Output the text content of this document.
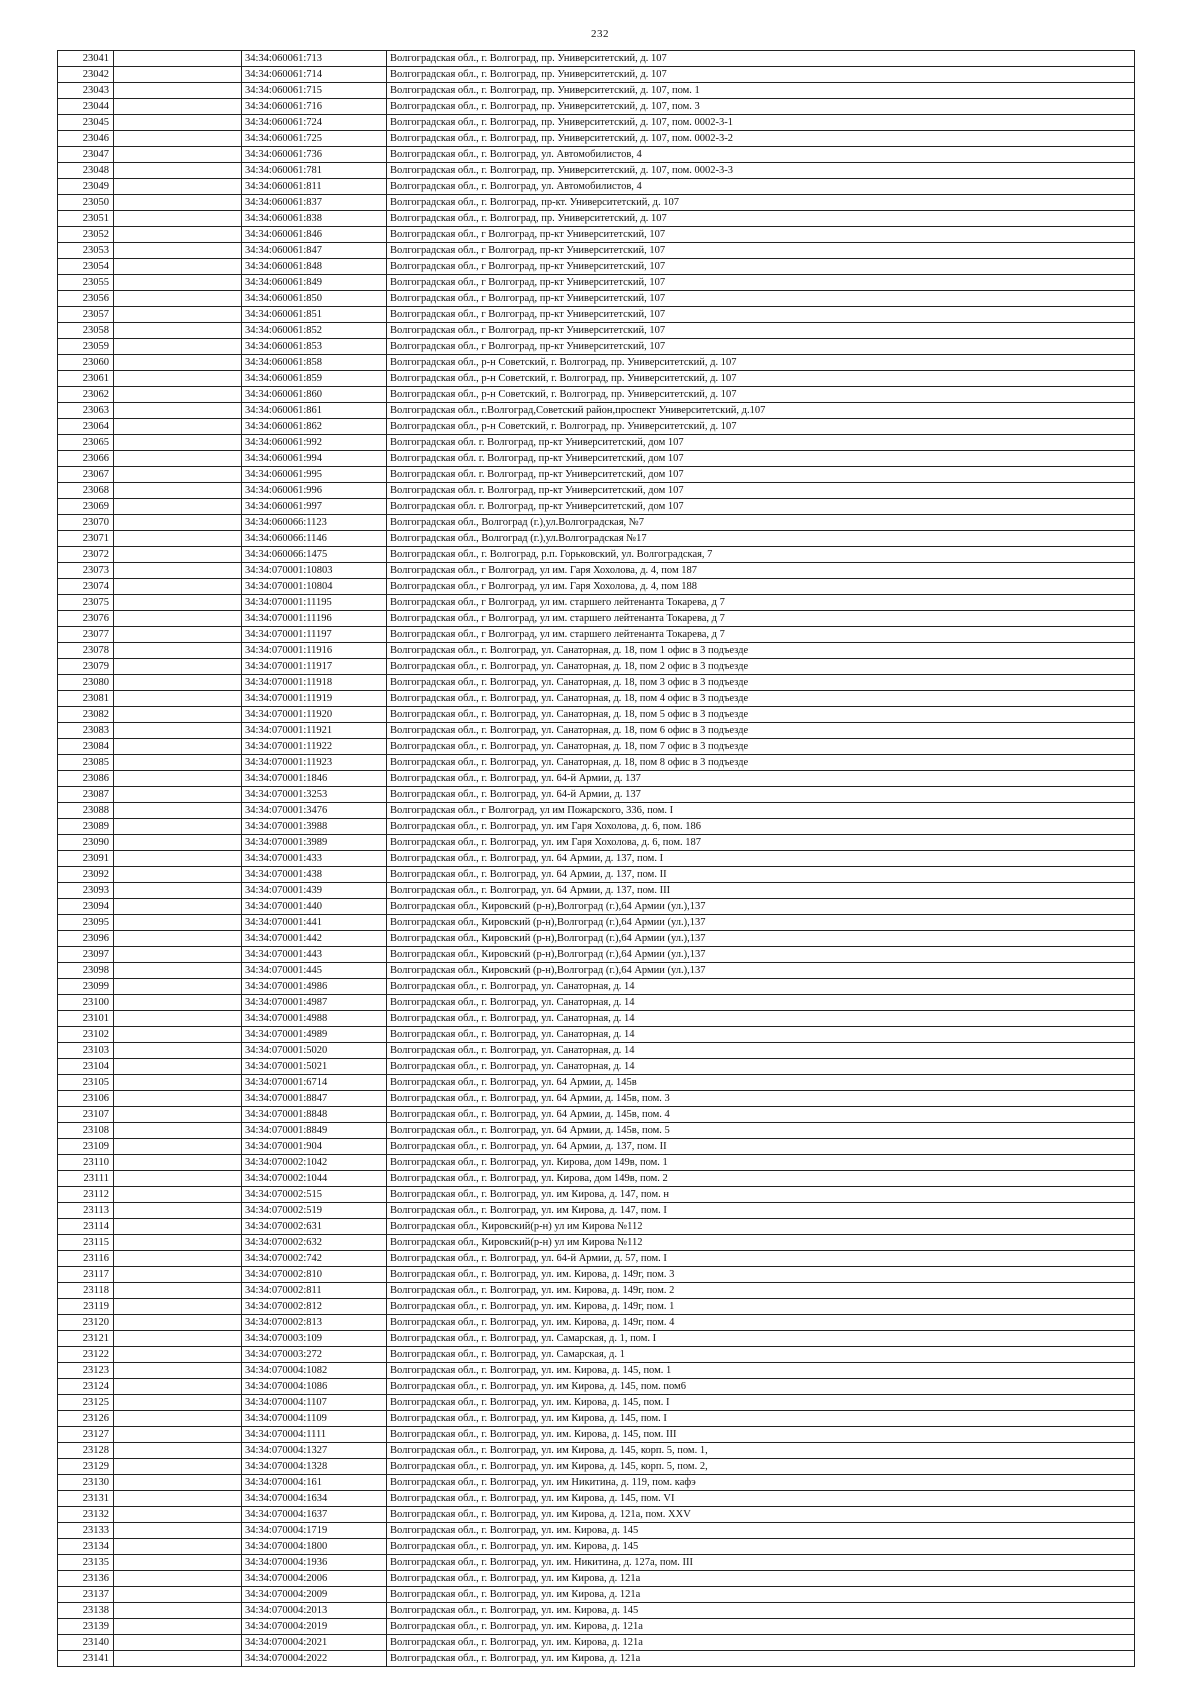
232
23041		34:34:060061:713	Волгоградская обл., г. Волгоград, пр. Университетский, д. 107
23042		34:34:060061:714	Волгоградская обл., г. Волгоград, пр. Университетский, д. 107
23043		34:34:060061:715	Волгоградская обл., г. Волгоград, пр. Университетский, д. 107, пом. 1
23044		34:34:060061:716	Волгоградская обл., г. Волгоград, пр. Университетский, д. 107, пом. 3
23045		34:34:060061:724	Волгоградская обл., г. Волгоград, пр. Университетский, д. 107, пом. 0002-3-1
23046		34:34:060061:725	Волгоградская обл., г. Волгоград, пр. Университетский, д. 107, пом. 0002-3-2
23047		34:34:060061:736	Волгоградская обл., г. Волгоград, ул. Автомобилистов, 4
23048		34:34:060061:781	Волгоградская обл., г. Волгоград, пр. Университетский, д. 107, пом. 0002-3-3
23049		34:34:060061:811	Волгоградская обл., г. Волгоград, ул. Автомобилистов, 4
23050		34:34:060061:837	Волгоградская обл., г. Волгоград, пр-кт. Университетский, д. 107
23051		34:34:060061:838	Волгоградская обл., г. Волгоград, пр. Университетский, д. 107
23052		34:34:060061:846	Волгоградская обл., г Волгоград, пр-кт Университетский, 107
23053		34:34:060061:847	Волгоградская обл., г Волгоград, пр-кт Университетский, 107
23054		34:34:060061:848	Волгоградская обл., г Волгоград, пр-кт Университетский, 107
23055		34:34:060061:849	Волгоградская обл., г Волгоград, пр-кт Университетский, 107
23056		34:34:060061:850	Волгоградская обл., г Волгоград, пр-кт Университетский, 107
23057		34:34:060061:851	Волгоградская обл., г Волгоград, пр-кт Университетский, 107
23058		34:34:060061:852	Волгоградская обл., г Волгоград, пр-кт Университетский, 107
23059		34:34:060061:853	Волгоградская обл., г Волгоград, пр-кт Университетский, 107
23060		34:34:060061:858	Волгоградская обл., р-н Советский, г. Волгоград, пр. Университетский, д. 107
23061		34:34:060061:859	Волгоградская обл., р-н Советский, г. Волгоград, пр. Университетский, д. 107
23062		34:34:060061:860	Волгоградская обл., р-н Советский, г. Волгоград, пр. Университетский, д. 107
23063		34:34:060061:861	Волгоградская обл., г.Волгоград,Советский район,проспект Университетский, д.107
23064		34:34:060061:862	Волгоградская обл., р-н Советский, г. Волгоград, пр. Университетский, д. 107
23065		34:34:060061:992	Волгоградская обл. г. Волгоград, пр-кт Университетский, дом 107
23066		34:34:060061:994	Волгоградская обл. г. Волгоград, пр-кт Университетский, дом 107
23067		34:34:060061:995	Волгоградская обл. г. Волгоград, пр-кт Университетский, дом 107
23068		34:34:060061:996	Волгоградская обл. г. Волгоград, пр-кт Университетский, дом 107
23069		34:34:060061:997	Волгоградская обл. г. Волгоград, пр-кт Университетский, дом 107
23070		34:34:060066:1123	Волгоградская обл., Волгоград (г.),ул.Волгоградская, №7
23071		34:34:060066:1146	Волгоградская обл., Волгоград (г.),ул.Волгоградская №17
23072		34:34:060066:1475	Волгоградская обл., г. Волгоград, р.п. Горьковский, ул. Волгоградская, 7
23073		34:34:070001:10803	Волгоградская обл., г Волгоград, ул им. Гаря Хохолова, д. 4, пом 187
23074		34:34:070001:10804	Волгоградская обл., г Волгоград, ул им. Гаря Хохолова, д. 4, пом 188
23075		34:34:070001:11195	Волгоградская обл., г Волгоград, ул им. старшего лейтенанта Токарева, д 7
23076		34:34:070001:11196	Волгоградская обл., г Волгоград, ул им. старшего лейтенанта Токарева, д 7
23077		34:34:070001:11197	Волгоградская обл., г Волгоград, ул им. старшего лейтенанта Токарева, д 7
23078		34:34:070001:11916	Волгоградская обл., г. Волгоград, ул. Санаторная, д. 18, пом 1 офис в 3 подъезде
23079		34:34:070001:11917	Волгоградская обл., г. Волгоград, ул. Санаторная, д. 18, пом 2 офис в 3 подъезде
23080		34:34:070001:11918	Волгоградская обл., г. Волгоград, ул. Санаторная, д. 18, пом 3 офис в 3 подъезде
23081		34:34:070001:11919	Волгоградская обл., г. Волгоград, ул. Санаторная, д. 18, пом 4 офис в 3 подъезде
23082		34:34:070001:11920	Волгоградская обл., г. Волгоград, ул. Санаторная, д. 18, пом 5 офис в 3 подъезде
23083		34:34:070001:11921	Волгоградская обл., г. Волгоград, ул. Санаторная, д. 18, пом 6 офис в 3 подъезде
23084		34:34:070001:11922	Волгоградская обл., г. Волгоград, ул. Санаторная, д. 18, пом 7 офис в 3 подъезде
23085		34:34:070001:11923	Волгоградская обл., г. Волгоград, ул. Санаторная, д. 18, пом 8 офис в 3 подъезде
23086		34:34:070001:1846	Волгоградская обл., г. Волгоград, ул. 64-й Армии, д. 137
23087		34:34:070001:3253	Волгоградская обл., г. Волгоград, ул. 64-й Армии, д. 137
23088		34:34:070001:3476	Волгоградская обл., г Волгоград, ул им Пожарского, 336, пом. I
23089		34:34:070001:3988	Волгоградская обл., г. Волгоград, ул. им Гаря Хохолова, д. 6, пом. 186
23090		34:34:070001:3989	Волгоградская обл., г. Волгоград, ул. им Гаря Хохолова, д. 6, пом. 187
23091		34:34:070001:433	Волгоградская обл., г. Волгоград, ул. 64 Армии, д. 137, пом. I
23092		34:34:070001:438	Волгоградская обл., г. Волгоград, ул. 64 Армии, д. 137, пом. II
23093		34:34:070001:439	Волгоградская обл., г. Волгоград, ул. 64 Армии, д. 137, пом. III
23094		34:34:070001:440	Волгоградская обл., Кировский (р-н),Волгоград (г.),64 Армии (ул.),137
23095		34:34:070001:441	Волгоградская обл., Кировский (р-н),Волгоград (г.),64 Армии (ул.),137
23096		34:34:070001:442	Волгоградская обл., Кировский (р-н),Волгоград (г.),64 Армии (ул.),137
23097		34:34:070001:443	Волгоградская обл., Кировский (р-н),Волгоград (г.),64 Армии (ул.),137
23098		34:34:070001:445	Волгоградская обл., Кировский (р-н),Волгоград (г.),64 Армии (ул.),137
23099		34:34:070001:4986	Волгоградская обл., г. Волгоград, ул. Санаторная, д. 14
23100		34:34:070001:4987	Волгоградская обл., г. Волгоград, ул. Санаторная, д. 14
23101		34:34:070001:4988	Волгоградская обл., г. Волгоград, ул. Санаторная, д. 14
23102		34:34:070001:4989	Волгоградская обл., г. Волгоград, ул. Санаторная, д. 14
23103		34:34:070001:5020	Волгоградская обл., г. Волгоград, ул. Санаторная, д. 14
23104		34:34:070001:5021	Волгоградская обл., г. Волгоград, ул. Санаторная, д. 14
23105		34:34:070001:6714	Волгоградская обл., г. Волгоград, ул. 64 Армии, д. 145в
23106		34:34:070001:8847	Волгоградская обл., г. Волгоград, ул. 64 Армии, д. 145в, пом. 3
23107		34:34:070001:8848	Волгоградская обл., г. Волгоград, ул. 64 Армии, д. 145в, пом. 4
23108		34:34:070001:8849	Волгоградская обл., г. Волгоград, ул. 64 Армии, д. 145в, пом. 5
23109		34:34:070001:904	Волгоградская обл., г. Волгоград, ул. 64 Армии, д. 137, пом. II
23110		34:34:070002:1042	Волгоградская обл., г. Волгоград, ул. Кирова, дом 149в, пом. 1
23111		34:34:070002:1044	Волгоградская обл., г. Волгоград, ул. Кирова, дом 149в, пом. 2
23112		34:34:070002:515	Волгоградская обл., г. Волгоград, ул. им Кирова, д. 147, пом. н
23113		34:34:070002:519	Волгоградская обл., г. Волгоград, ул. им Кирова, д. 147, пом. I
23114		34:34:070002:631	Волгоградская обл., Кировский(р-н) ул им Кирова №112
23115		34:34:070002:632	Волгоградская обл., Кировский(р-н) ул им Кирова №112
23116		34:34:070002:742	Волгоградская обл., г. Волгоград, ул. 64-й Армии, д. 57, пом. I
23117		34:34:070002:810	Волгоградская обл., г. Волгоград, ул. им. Кирова, д. 149г, пом. 3
23118		34:34:070002:811	Волгоградская обл., г. Волгоград, ул. им. Кирова, д. 149г, пом. 2
23119		34:34:070002:812	Волгоградская обл., г. Волгоград, ул. им. Кирова, д. 149г, пом. 1
23120		34:34:070002:813	Волгоградская обл., г. Волгоград, ул. им. Кирова, д. 149г, пом. 4
23121		34:34:070003:109	Волгоградская обл., г. Волгоград, ул. Самарская, д. 1, пом. I
23122		34:34:070003:272	Волгоградская обл., г. Волгоград, ул. Самарская, д. 1
23123		34:34:070004:1082	Волгоградская обл., г. Волгоград, ул. им. Кирова, д. 145, пом. 1
23124		34:34:070004:1086	Волгоградская обл., г. Волгоград, ул. им Кирова, д. 145, пом. пом6
23125		34:34:070004:1107	Волгоградская обл., г. Волгоград, ул. им. Кирова, д. 145, пом. I
23126		34:34:070004:1109	Волгоградская обл., г. Волгоград, ул. им Кирова, д. 145, пом. I
23127		34:34:070004:1111	Волгоградская обл., г. Волгоград, ул. им. Кирова, д. 145, пом. III
23128		34:34:070004:1327	Волгоградская обл., г. Волгоград, ул. им Кирова, д. 145, корп. 5, пом. 1,
23129		34:34:070004:1328	Волгоградская обл., г. Волгоград, ул. им Кирова, д. 145, корп. 5, пом. 2,
23130		34:34:070004:161	Волгоградская обл., г. Волгоград, ул. им Никитина, д. 119, пом. кафэ
23131		34:34:070004:1634	Волгоградская обл., г. Волгоград, ул. им Кирова, д. 145, пом. VI
23132		34:34:070004:1637	Волгоградская обл., г. Волгоград, ул. им Кирова, д. 121а, пом. XXV
23133		34:34:070004:1719	Волгоградская обл., г. Волгоград, ул. им. Кирова, д. 145
23134		34:34:070004:1800	Волгоградская обл., г. Волгоград, ул. им. Кирова, д. 145
23135		34:34:070004:1936	Волгоградская обл., г. Волгоград, ул. им. Никитина, д. 127а, пом. III
23136		34:34:070004:2006	Волгоградская обл., г. Волгоград, ул. им Кирова, д. 121а
23137		34:34:070004:2009	Волгоградская обл., г. Волгоград, ул. им Кирова, д. 121а
23138		34:34:070004:2013	Волгоградская обл., г. Волгоград, ул. им. Кирова, д. 145
23139		34:34:070004:2019	Волгоградская обл., г. Волгоград, ул. им. Кирова, д. 121а
23140		34:34:070004:2021	Волгоградская обл., г. Волгоград, ул. им. Кирова, д. 121а
23141		34:34:070004:2022	Волгоградская обл., г. Волгоград, ул. им Кирова, д. 121а
